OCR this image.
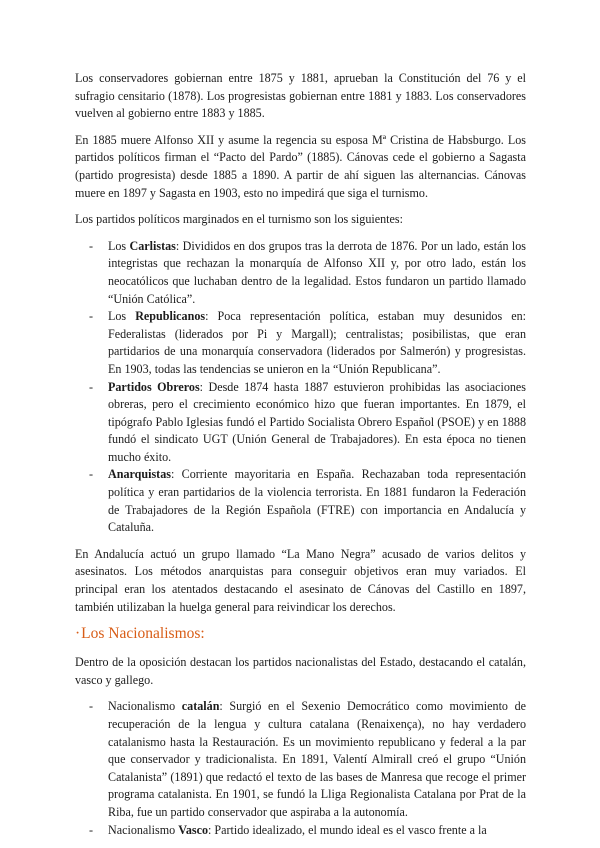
Los conservadores gobiernan entre 1875 y 1881, aprueban la Constitución del 76 y el sufragio censitario (1878). Los progresistas gobiernan entre 1881 y 1883. Los conservadores vuelven al gobierno entre 1883 y 1885.

En 1885 muere Alfonso XII y asume la regencia su esposa Mª Cristina de Habsburgo. Los partidos políticos firman el “Pacto del Pardo” (1885). Cánovas cede el gobierno a Sagasta (partido progresista) desde 1885 a 1890. A partir de ahí siguen las alternancias. Cánovas muere en 1897 y Sagasta en 1903, esto no impedirá que siga el turnismo.

Los partidos políticos marginados en el turnismo son los siguientes:

- Los Carlistas: Divididos en dos grupos tras la derrota de 1876. Por un lado, están los integristas que rechazan la monarquía de Alfonso XII y, por otro lado, están los neocatólicos que luchaban dentro de la legalidad. Estos fundaron un partido llamado “Unión Católica”.
- Los Republicanos: Poca representación política, estaban muy desunidos en: Federalistas (liderados por Pi y Margall); centralistas; posibilistas, que eran partidarios de una monarquía conservadora (liderados por Salmerón) y progresistas. En 1903, todas las tendencias se unieron en la “Unión Republicana”.
- Partidos Obreros: Desde 1874 hasta 1887 estuvieron prohibidas las asociaciones obreras, pero el crecimiento económico hizo que fueran importantes. En 1879, el tipógrafo Pablo Iglesias fundó el Partido Socialista Obrero Español (PSOE) y en 1888 fundó el sindicato UGT (Unión General de Trabajadores). En esta época no tienen mucho éxito.
- Anarquistas: Corriente mayoritaria en España. Rechazaban toda representación política y eran partidarios de la violencia terrorista. En 1881 fundaron la Federación de Trabajadores de la Región Española (FTRE) con importancia en Andalucía y Cataluña.

En Andalucía actuó un grupo llamado “La Mano Negra” acusado de varios delitos y asesinatos. Los métodos anarquistas para conseguir objetivos eran muy variados. El principal eran los atentados destacando el asesinato de Cánovas del Castillo en 1897, también utilizaban la huelga general para reivindicar los derechos.

·Los Nacionalismos:

Dentro de la oposición destacan los partidos nacionalistas del Estado, destacando el catalán, vasco y gallego.

- Nacionalismo catalán: Surgió en el Sexenio Democrático como movimiento de recuperación de la lengua y cultura catalana (Renaixença), no hay verdadero catalanismo hasta la Restauración. Es un movimiento republicano y federal a la par que conservador y tradicionalista. En 1891, Valentí Almirall creó el grupo “Unión Catalanista” (1891) que redactó el texto de las bases de Manresa que recoge el primer programa catalanista. En 1901, se fundó la Lliga Regionalista Catalana por Prat de la Riba, fue un partido conservador que aspiraba a la autonomía.
- Nacionalismo Vasco: Partido idealizado, el mundo ideal es el vasco frente a la
